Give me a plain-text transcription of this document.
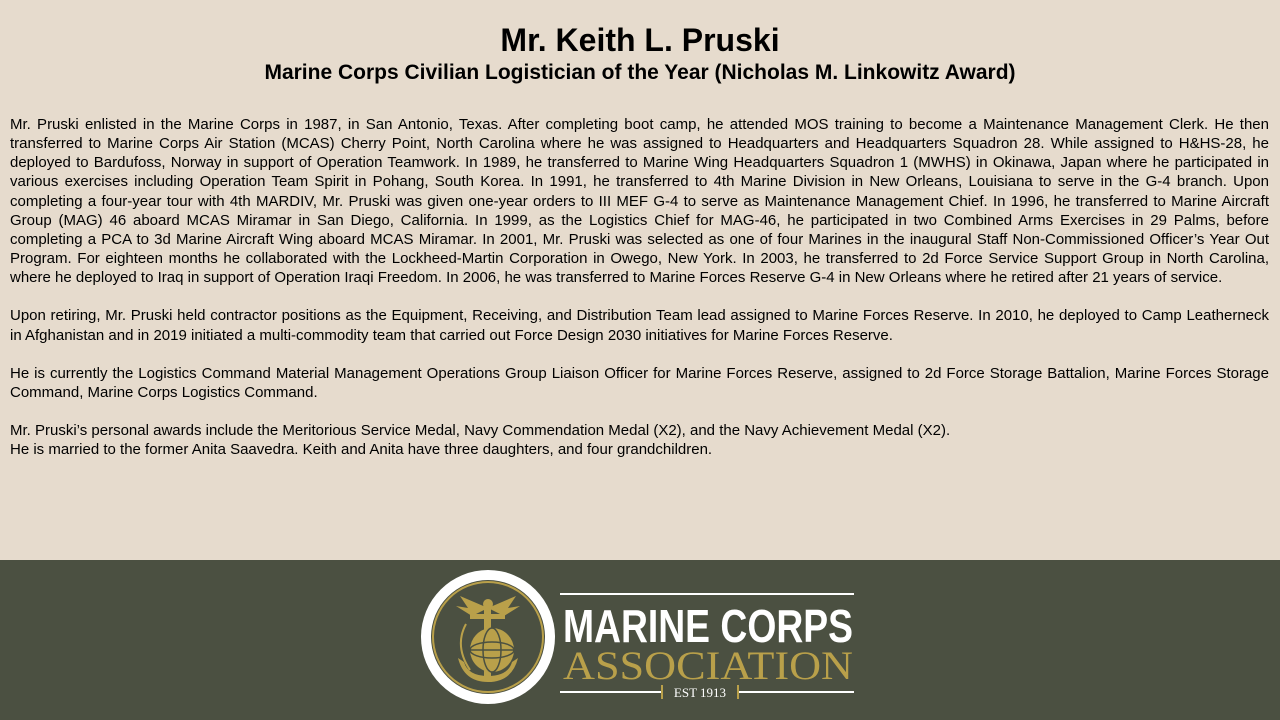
Mr. Keith L. Pruski
Marine Corps Civilian Logistician of the Year (Nicholas M. Linkowitz Award)

Mr. Pruski enlisted in the Marine Corps in 1987, in San Antonio, Texas. After completing boot camp, he attended MOS training to become a Maintenance Management Clerk. He then transferred to Marine Corps Air Station (MCAS) Cherry Point, North Carolina where he was assigned to Headquarters and Headquarters Squadron 28. While assigned to H&HS-28, he deployed to Bardufoss, Norway in support of Operation Teamwork. In 1989, he transferred to Marine Wing Headquarters Squadron 1 (MWHS) in Okinawa, Japan where he participated in various exercises including Operation Team Spirit in Pohang, South Korea. In 1991, he transferred to 4th Marine Division in New Orleans, Louisiana to serve in the G-4 branch. Upon completing a four-year tour with 4th MARDIV, Mr. Pruski was given one-year orders to III MEF G-4 to serve as Maintenance Management Chief. In 1996, he transferred to Marine Aircraft Group (MAG) 46 aboard MCAS Miramar in San Diego, California. In 1999, as the Logistics Chief for MAG-46, he participated in two Combined Arms Exercises in 29 Palms, before completing a PCA to 3d Marine Aircraft Wing aboard MCAS Miramar. In 2001, Mr. Pruski was selected as one of four Marines in the inaugural Staff Non-Commissioned Officer’s Year Out Program. For eighteen months he collaborated with the Lockheed-Martin Corporation in Owego, New York. In 2003, he transferred to 2d Force Service Support Group in North Carolina, where he deployed to Iraq in support of Operation Iraqi Freedom. In 2006, he was transferred to Marine Forces Reserve G-4 in New Orleans where he retired after 21 years of service.

Upon retiring, Mr. Pruski held contractor positions as the Equipment, Receiving, and Distribution Team lead assigned to Marine Forces Reserve. In 2010, he deployed to Camp Leatherneck in Afghanistan and in 2019 initiated a multi-commodity team that carried out Force Design 2030 initiatives for Marine Forces Reserve.

He is currently the Logistics Command Material Management Operations Group Liaison Officer for Marine Forces Reserve, assigned to 2d Force Storage Battalion, Marine Forces Storage Command, Marine Corps Logistics Command.

Mr. Pruski’s personal awards include the Meritorious Service Medal, Navy Commendation Medal (X2), and the Navy Achievement Medal (X2).

He is married to the former Anita Saavedra. Keith and Anita have three daughters, and four grandchildren.

MARINE CORPS
ASSOCIATION
EST 1913
